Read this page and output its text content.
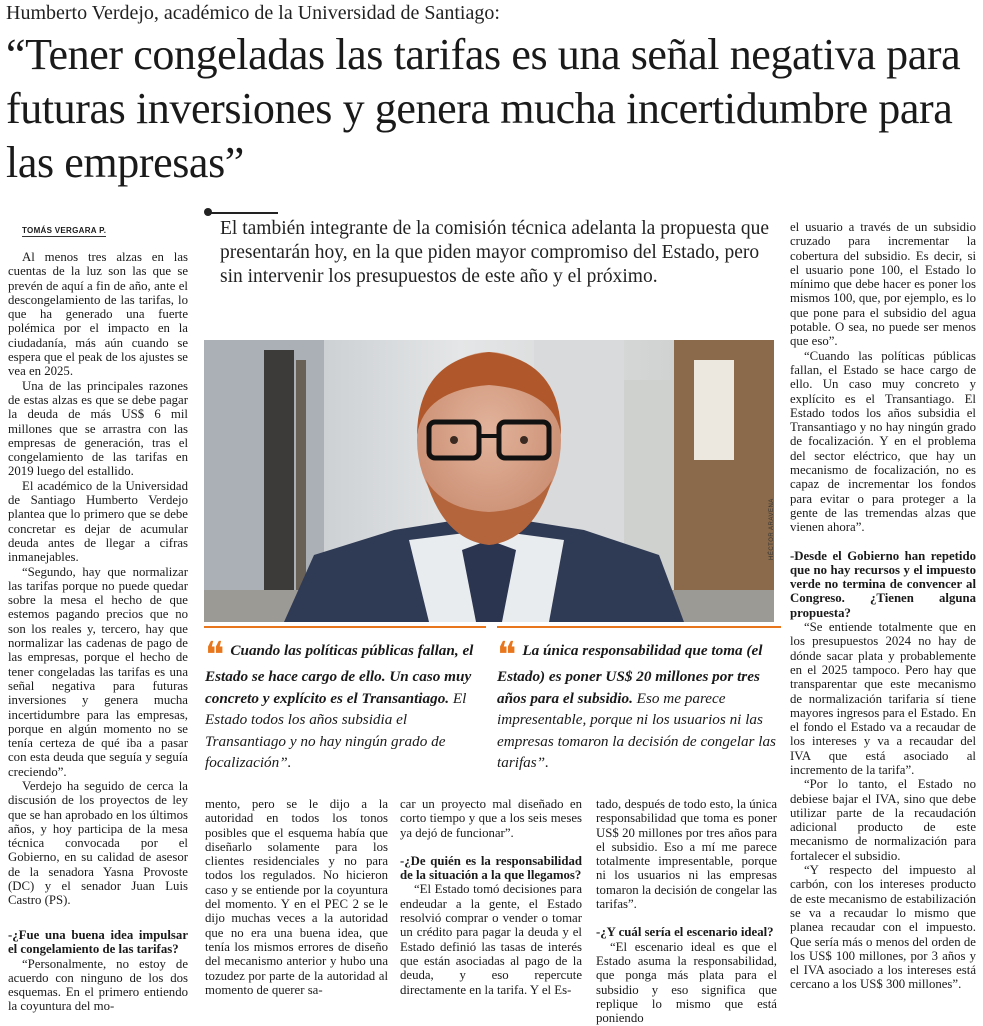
Humberto Verdejo, académico de la Universidad de Santiago:
“Tener congeladas las tarifas es una señal negativa para futuras inversiones y genera mucha incertidumbre para las empresas”
TOMÁS VERGARA P.	El también integrante de la comisión técnica adelanta la propuesta que presentarán hoy, en la que piden mayor compromiso del Estado, pero sin intervenir los presupuestos de este año y el próximo.

Al menos tres alzas en las cuentas de la luz son las que se prevén de aquí a fin de año, ante el descongelamiento de las tarifas, lo que ha generado una fuerte polémica por el impacto en la ciudadanía, más aún cuando se espera que el peak de los ajustes se vea en 2025.

Una de las principales razones de estas alzas es que se debe pagar la deuda de más US$ 6 mil millones que se arrastra con las empresas de generación, tras el congelamiento de las tarifas en 2019 luego del estallido.

El académico de la Universidad de Santiago Humberto Verdejo plantea que lo primero que se debe concretar es dejar de acumular deuda antes de llegar a cifras inmanejables.

“Segundo, hay que normalizar las tarifas porque no puede quedar sobre la mesa el hecho de que estemos pagando precios que no son los reales y, tercero, hay que normalizar las cadenas de pago de las empresas, porque el hecho de tener congeladas las tarifas es una señal negativa para futuras inversiones y genera mucha incertidumbre para las empresas, porque en algún momento no se tenía certeza de qué iba a pasar con esta deuda que seguía y seguía creciendo”.

Verdejo ha seguido de cerca la discusión de los proyectos de ley que se han aprobado en los últimos años, y hoy participa de la mesa técnica convocada por el Gobierno, en su calidad de asesor de la senadora Yasna Provoste (DC) y el senador Juan Luis Castro (PS).

-¿Fue una buena idea impulsar el congelamiento de las tarifas?

“Personalmente, no estoy de acuerdo con ninguno de los dos esquemas. En el primero entiendo la coyuntura del mo-

HÉCTOR ARAVENA
❝ Cuando las políticas públicas fallan, el Estado se hace cargo de ello. Un caso muy concreto y explícito es el Transantiago. El Estado todos los años subsidia el Transantiago y no hay ningún grado de focalización”.
❝ La única responsabilidad que toma (el Estado) es poner US$ 20 millones por tres años para el subsidio. Eso me parece impresentable, porque ni los usuarios ni las empresas tomaron la decisión de congelar las tarifas”.

mento, pero se le dijo a la autoridad en todos los tonos posibles que el esquema había que diseñarlo solamente para los clientes residenciales y no para todos los regulados. No hicieron caso y se entiende por la coyuntura del momento. Y en el PEC 2 se le dijo muchas veces a la autoridad que no era una buena idea, que tenía los mismos errores de diseño del mecanismo anterior y hubo una tozudez por parte de la autoridad al momento de querer sa-

car un proyecto mal diseñado en corto tiempo y que a los seis meses ya dejó de funcionar”.

-¿De quién es la responsabilidad de la situación a la que llegamos?

“El Estado tomó decisiones para endeudar a la gente, el Estado resolvió comprar o vender o tomar un crédito para pagar la deuda y el Estado definió las tasas de interés que están asociadas al pago de la deuda, y eso repercute directamente en la tarifa. Y el Es-

tado, después de todo esto, la única responsabilidad que toma es poner US$ 20 millones por tres años para el subsidio. Eso a mí me parece totalmente impresentable, porque ni los usuarios ni las empresas tomaron la decisión de congelar las tarifas”.

-¿Y cuál sería el escenario ideal?

“El escenario ideal es que el Estado asuma la responsabilidad, que ponga más plata para el subsidio y eso significa que replique lo mismo que está poniendo

el usuario a través de un subsidio cruzado para incrementar la cobertura del subsidio. Es decir, si el usuario pone 100, el Estado lo mínimo que debe hacer es poner los mismos 100, que, por ejemplo, es lo que pone para el subsidio del agua potable. O sea, no puede ser menos que eso”.

“Cuando las políticas públicas fallan, el Estado se hace cargo de ello. Un caso muy concreto y explícito es el Transantiago. El Estado todos los años subsidia el Transantiago y no hay ningún grado de focalización. Y en el problema del sector eléctrico, que hay un mecanismo de focalización, no es capaz de incrementar los fondos para evitar o para proteger a la gente de las tremendas alzas que vienen ahora”.

-Desde el Gobierno han repetido que no hay recursos y el impuesto verde no termina de convencer al Congreso. ¿Tienen alguna propuesta?

“Se entiende totalmente que en los presupuestos 2024 no hay de dónde sacar plata y probablemente en el 2025 tampoco. Pero hay que transparentar que este mecanismo de normalización tarifaria sí tiene mayores ingresos para el Estado. En el fondo el Estado va a recaudar de los intereses y va a recaudar del IVA que está asociado al incremento de la tarifa”.

“Por lo tanto, el Estado no debiese bajar el IVA, sino que debe utilizar parte de la recaudación adicional producto de este mecanismo de normalización para fortalecer el subsidio.

“Y respecto del impuesto al carbón, con los intereses producto de este mecanismo de estabilización se va a recaudar lo mismo que planea recaudar con el impuesto. Que sería más o menos del orden de los US$ 100 millones, por 3 años y el IVA asociado a los intereses está cercano a los US$ 300 millones”.
